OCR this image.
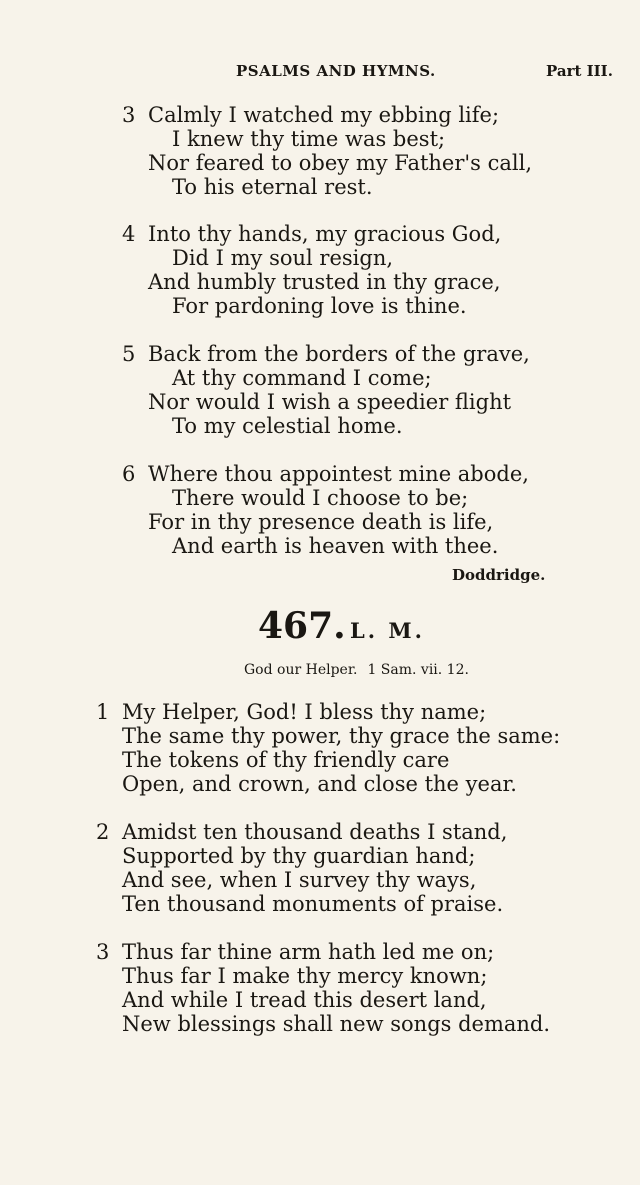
PSALMS AND HYMNS.	Part III.
3 Calmly I watched my ebbing life;
I knew thy time was best;
Nor feared to obey my Father's call,
To his eternal rest.
4 Into thy hands, my gracious God,
Did I my soul resign,
And humbly trusted in thy grace,
For pardoning love is thine.
5 Back from the borders of the grave,
At thy command I come;
Nor would I wish a speedier flight
To my celestial home.
6 Where thou appointest mine abode,
There would I choose to be;
For in thy presence death is life,
And earth is heaven with thee.
Doddridge.
467. L. M.
God our Helper. 1 Sam. vii. 12.
1 My Helper, God! I bless thy name;
The same thy power, thy grace the same:
The tokens of thy friendly care
Open, and crown, and close the year.
2 Amidst ten thousand deaths I stand,
Supported by thy guardian hand;
And see, when I survey thy ways,
Ten thousand monuments of praise.
3 Thus far thine arm hath led me on;
Thus far I make thy mercy known;
And while I tread this desert land,
New blessings shall new songs demand.
